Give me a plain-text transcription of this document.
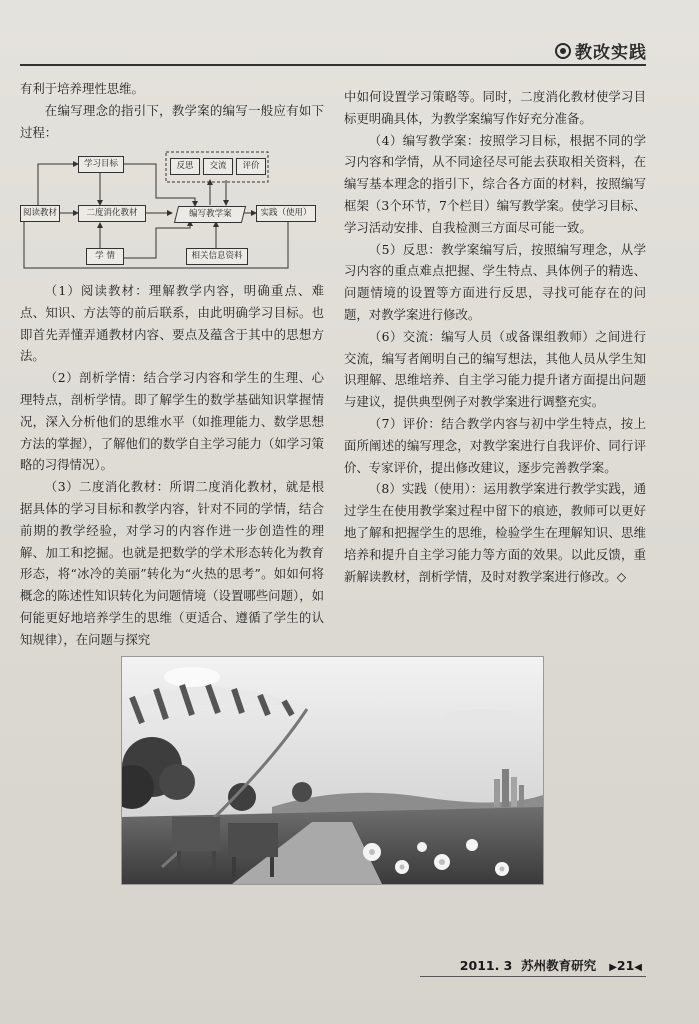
教改实践

有利于培养理性思维。

在编写理念的指引下，教学案的编写一般应有如下过程：

学习目标
阅读教材	二度消化教材	编写教学案	实践（使用）
学 情	相关信息资料
反思	交流	评价

（1）阅读教材：理解教学内容，明确重点、难点、知识、方法等的前后联系，由此明确学习目标。也即首先弄懂弄通教材内容、要点及蕴含于其中的思想方法。

（2）剖析学情：结合学习内容和学生的生理、心理特点，剖析学情。即了解学生的数学基础知识掌握情况，深入分析他们的思维水平（如推理能力、数学思想方法的掌握），了解他们的数学自主学习能力（如学习策略的习得情况）。

（3）二度消化教材：所谓二度消化教材，就是根据具体的学习目标和教学内容，针对不同的学情，结合前期的教学经验，对学习的内容作进一步创造性的理解、加工和挖掘。也就是把数学的学术形态转化为教育形态，将“冰冷的美丽”转化为“火热的思考”。如如何将概念的陈述性知识转化为问题情境（设置哪些问题），如何能更好地培养学生的思维（更适合、遵循了学生的认知规律），在问题与探究

中如何设置学习策略等。同时，二度消化教材使学习目标更明确具体，为教学案编写作好充分准备。

（4）编写教学案：按照学习目标，根据不同的学习内容和学情，从不同途径尽可能去获取相关资料，在编写基本理念的指引下，综合各方面的材料，按照编写框架（3个环节，7个栏目）编写教学案。使学习目标、学习活动安排、自我检测三方面尽可能一致。

（5）反思：教学案编写后，按照编写理念，从学习内容的重点难点把握、学生特点、具体例子的精选、问题情境的设置等方面进行反思，寻找可能存在的问题，对教学案进行修改。

（6）交流：编写人员（或备课组教师）之间进行交流，编写者阐明自己的编写想法，其他人员从学生知识理解、思维培养、自主学习能力提升诸方面提出问题与建议，提供典型例子对教学案进行调整充实。

（7）评价：结合教学内容与初中学生特点，按上面所阐述的编写理念，对教学案进行自我评价、同行评价、专家评价，提出修改建议，逐步完善教学案。

（8）实践（使用）：运用教学案进行教学实践，通过学生在使用教学案过程中留下的痕迹，教师可以更好地了解和把握学生的思维，检验学生在理解知识、思维培养和提升自主学习能力等方面的效果。以此反馈，重新解读教材，剖析学情，及时对教学案进行修改。◇

2011. 3 苏州教育研究 ▶21◀
